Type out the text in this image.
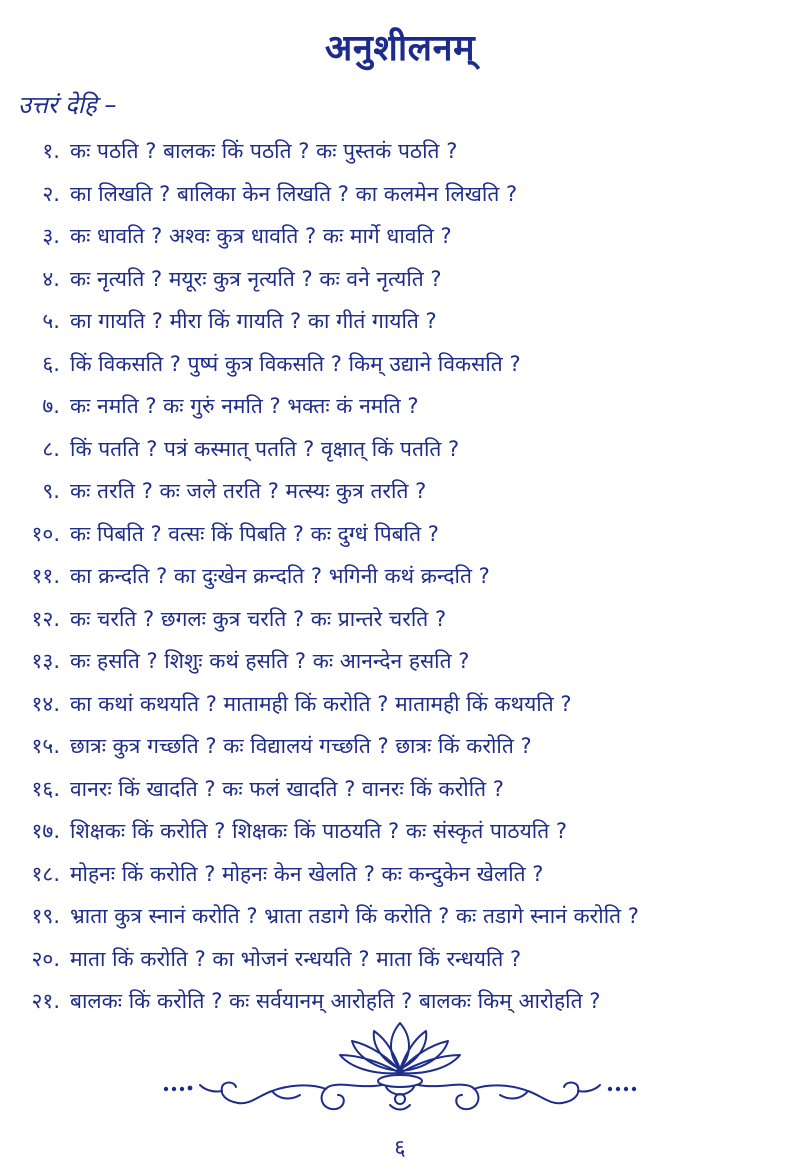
अनुशीलनम्
उत्तरं देहि –
१. कः पठति ? बालकः किं पठति ? कः पुस्तकं पठति ?
२. का लिखति ? बालिका केन लिखति ? का कलमेन लिखति ?
३. कः धावति ? अश्वः कुत्र धावति ? कः मार्गे धावति ?
४. कः नृत्यति ? मयूरः कुत्र नृत्यति ? कः वने नृत्यति ?
५. का गायति ? मीरा किं गायति ? का गीतं गायति ?
६. किं विकसति ? पुष्पं कुत्र विकसति ? किम् उद्याने विकसति ?
७. कः नमति ? कः गुरुं नमति ? भक्तः कं नमति ?
८. किं पतति ? पत्रं कस्मात् पतति ? वृक्षात् किं पतति ?
९. कः तरति ? कः जले तरति ? मत्स्यः कुत्र तरति ?
१०. कः पिबति ? वत्सः किं पिबति ? कः दुग्धं पिबति ?
११. का क्रन्दति ? का दुःखेन क्रन्दति ? भगिनी कथं क्रन्दति ?
१२. कः चरति ? छगलः कुत्र चरति ? कः प्रान्तरे चरति ?
१३. कः हसति ? शिशुः कथं हसति ? कः आनन्देन हसति ?
१४. का कथां कथयति ? मातामही किं करोति ? मातामही किं कथयति ?
१५. छात्रः कुत्र गच्छति ? कः विद्यालयं गच्छति ? छात्रः किं करोति ?
१६. वानरः किं खादति ? कः फलं खादति ? वानरः किं करोति ?
१७. शिक्षकः किं करोति ? शिक्षकः किं पाठयति ? कः संस्कृतं पाठयति ?
१८. मोहनः किं करोति ? मोहनः केन खेलति ? कः कन्दुकेन खेलति ?
१९. भ्राता कुत्र स्नानं करोति ? भ्राता तडागे किं करोति ? कः तडागे स्नानं करोति ?
२०. माता किं करोति ? का भोजनं रन्धयति ? माता किं रन्धयति ?
२१. बालकः किं करोति ? कः सर्वयानम् आरोहति ? बालकः किम् आरोहति ?
६
